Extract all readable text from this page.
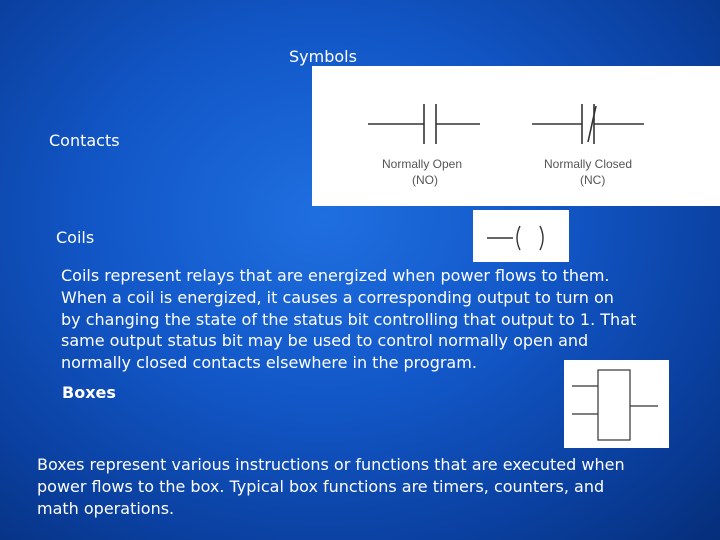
Symbols
Contacts
Normally Open
(NO)
Normally Closed
(NC)
Coils
Coils represent relays that are energized when power flows to them.
When a coil is energized, it causes a corresponding output to turn on
by changing the state of the status bit controlling that output to 1. That
same output status bit may be used to control normally open and
normally closed contacts elsewhere in the program.
Boxes
Boxes represent various instructions or functions that are executed when
power flows to the box. Typical box functions are timers, counters, and
math operations.
